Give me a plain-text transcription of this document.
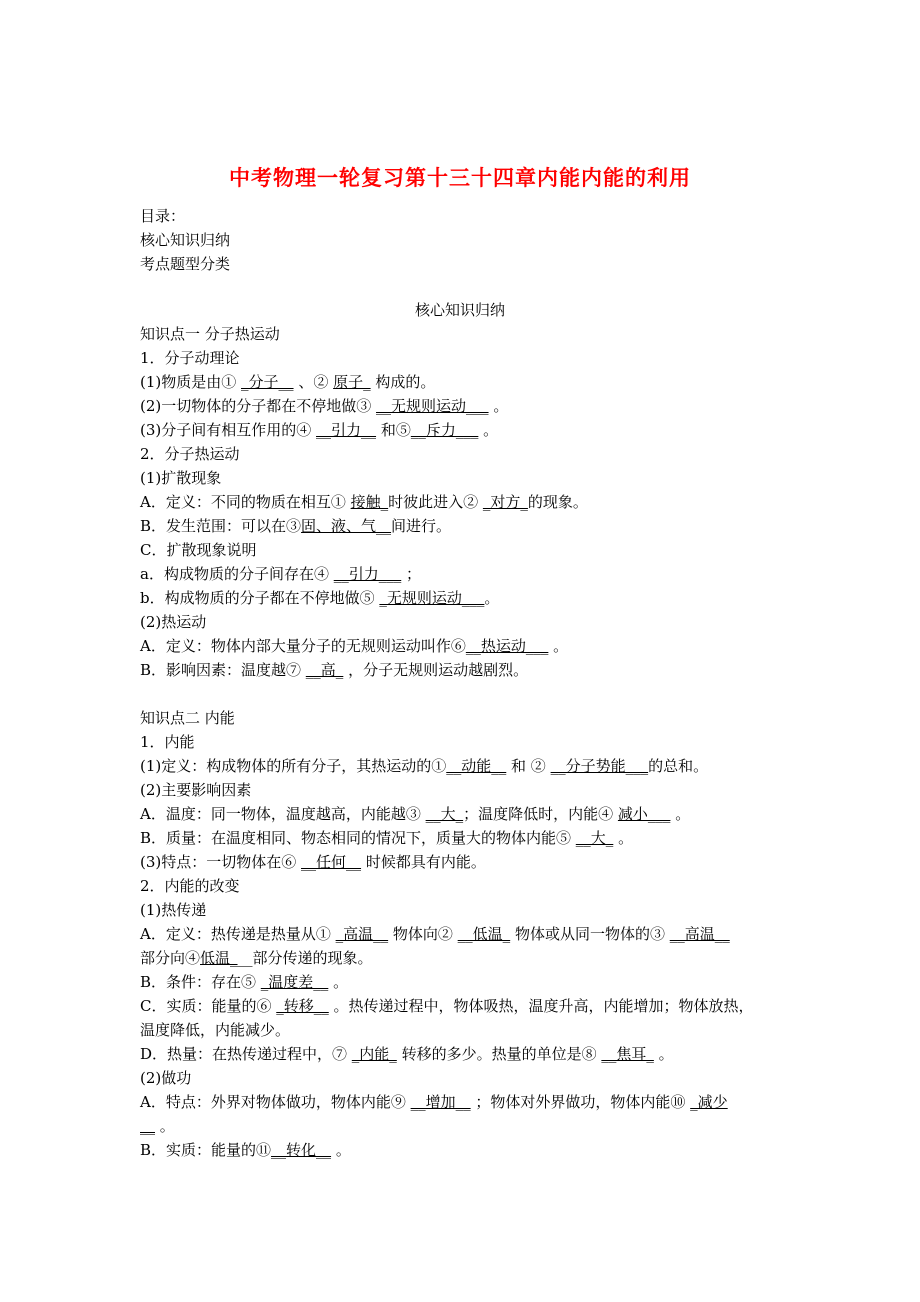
中考物理一轮复习第十三十四章内能内能的利用
目录：
核心知识归纳
考点题型分类
核心知识归纳

知识点一 分子热运动

1．分子动理论

(1)物质是由① _分子__ 、② 原子_ 构成的。

(2)一切物体的分子都在不停地做③ __无规则运动___ 。

(3)分子间有相互作用的④ __引力__ 和⑤__斥力___ 。

2．分子热运动

(1)扩散现象

A．定义：不同的物质在相互① 接触_时彼此进入② _对方_的现象。

B．发生范围：可以在③固、液、气__间进行。

C．扩散现象说明

a．构成物质的分子间存在④ __引力___ ；

b．构成物质的分子都在不停地做⑤ _无规则运动___。

(2)热运动

A．定义：物体内部大量分子的无规则运动叫作⑥__热运动___ 。

B．影响因素：温度越⑦ __高_ ，分子无规则运动越剧烈。

知识点二 内能

1．内能

(1)定义：构成物体的所有分子，其热运动的①__动能__ 和 ② __分子势能___的总和。

(2)主要影响因素

A．温度：同一物体，温度越高，内能越③ __大_；温度降低时，内能④ 减小___ 。

B．质量：在温度相同、物态相同的情况下，质量大的物体内能⑤ __大_ 。

(3)特点：一切物体在⑥ __任何__ 时候都具有内能。

2．内能的改变

(1)热传递

A．定义：热传递是热量从① _高温__ 物体向② __低温_ 物体或从同一物体的③ __高温__

部分向④低温___部分传递的现象。

B．条件：存在⑤ _温度差__ 。

C．实质：能量的⑥ _转移__ 。热传递过程中，物体吸热，温度升高，内能增加；物体放热，

温度降低，内能减少。

D．热量：在热传递过程中，⑦ _内能_ 转移的多少。热量的单位是⑧ __焦耳_ 。

(2)做功

A．特点：外界对物体做功，物体内能⑨ __增加__ ；物体对外界做功，物体内能⑩ _减少

__ 。

B．实质：能量的⑪__转化__ 。
